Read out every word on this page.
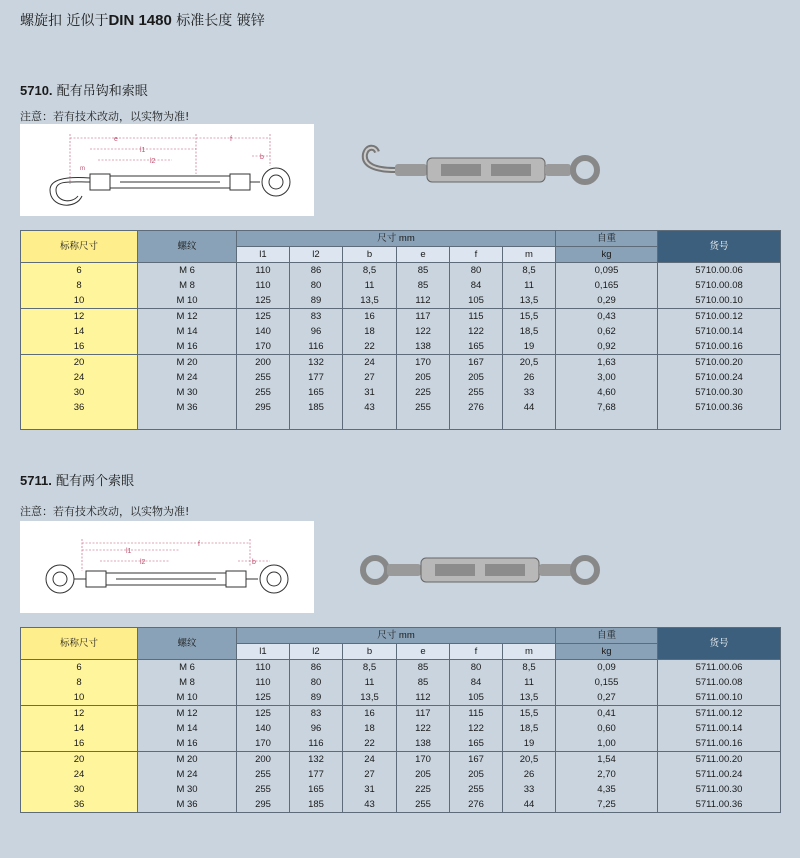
螺旋扣 近似于DIN 1480 标准长度 镀锌
5710. 配有吊钩和索眼
注意：若有技术改动，以实物为准!
e	f
l1
l2
b
m
标称尺寸	螺纹	尺寸 mm						自重	货号
		l1	l2	b	e	f	m	kg	
6	M 6	110	86	8,5	85	80	8,5	0,095	5710.00.06
8	M 8	110	80	11	85	84	11	0,165	5710.00.08
10	M 10	125	89	13,5	112	105	13,5	0,29	5710.00.10
12	M 12	125	83	16	117	115	15,5	0,43	5710.00.12
14	M 14	140	96	18	122	122	18,5	0,62	5710.00.14
16	M 16	170	116	22	138	165	19	0,92	5710.00.16
20	M 20	200	132	24	170	167	20,5	1,63	5710.00.20
24	M 24	255	177	27	205	205	26	3,00	5710.00.24
30	M 30	255	165	31	225	255	33	4,60	5710.00.30
36	M 36	295	185	43	255	276	44	7,68	5710.00.36

5711. 配有两个索眼
注意：若有技术改动，以实物为准!
f
l1
l2	b
标称尺寸	螺纹	尺寸 mm						自重	货号
		l1	l2	b	e	f	m	kg	
6	M 6	110	86	8,5	85	80	8,5	0,09	5711.00.06
8	M 8	110	80	11	85	84	11	0,155	5711.00.08
10	M 10	125	89	13,5	112	105	13,5	0,27	5711.00.10
12	M 12	125	83	16	117	115	15,5	0,41	5711.00.12
14	M 14	140	96	18	122	122	18,5	0,60	5711.00.14
16	M 16	170	116	22	138	165	19	1,00	5711.00.16
20	M 20	200	132	24	170	167	20,5	1,54	5711.00.20
24	M 24	255	177	27	205	205	26	2,70	5711.00.24
30	M 30	255	165	31	225	255	33	4,35	5711.00.30
36	M 36	295	185	43	255	276	44	7,25	5711.00.36
